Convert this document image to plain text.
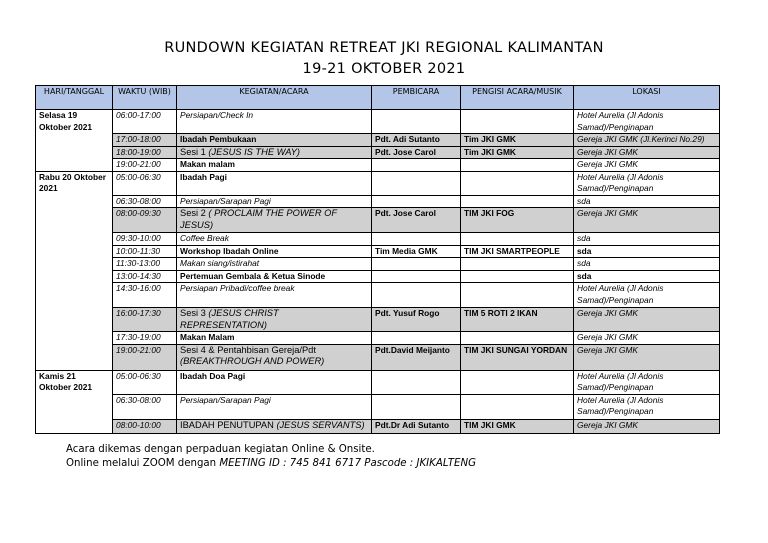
RUNDOWN KEGIATAN RETREAT JKI REGIONAL KALIMANTAN
19-21 OKTOBER 2021
HARI/TANGGAL	WAKTU (WIB)	KEGIATAN/ACARA	PEMBICARA	PENGISI ACARA/MUSIK	LOKASI
Selasa 19 Oktober 2021	06:00-17:00	Persiapan/Check In			Hotel Aurelia (Jl Adonis Samad)/Penginapan
	17:00-18:00	Ibadah Pembukaan	Pdt. Adi Sutanto	Tim JKI GMK	Gereja JKI GMK (Jl.Kerinci No.29)
	18:00-19:00	Sesi 1 (JESUS IS THE WAY)	Pdt. Jose Carol	Tim JKI GMK	Gereja JKI GMK
	19:00-21:00	Makan malam			Gereja JKI GMK
Rabu 20 Oktober 2021	05:00-06:30	Ibadah Pagi			Hotel Aurelia (Jl Adonis Samad)/Penginapan
	06:30-08:00	Persiapan/Sarapan Pagi			sda
	08:00-09:30	Sesi 2 ( PROCLAIM THE POWER OF JESUS)	Pdt. Jose Carol	TIM JKI FOG	Gereja JKI GMK
	09:30-10:00	Coffee Break			sda
	10:00-11:30	Workshop Ibadah Online	Tim Media GMK	TIM JKI SMARTPEOPLE	sda
	11:30-13:00	Makan siang/istirahat			sda
	13:00-14:30	Pertemuan Gembala & Ketua Sinode			sda
	14:30-16:00	Persiapan Pribadi/coffee break			Hotel Aurelia (Jl Adonis Samad)/Penginapan
	16:00-17:30	Sesi 3 (JESUS CHRIST REPRESENTATION)	Pdt. Yusuf Rogo	TIM 5 ROTI 2 IKAN	Gereja JKI GMK
	17:30-19:00	Makan Malam			Gereja JKI GMK
	19:00-21:00	Sesi 4 & Pentahbisan Gereja/Pdt (BREAKTHROUGH AND POWER)	Pdt.David Meijanto	TIM JKI SUNGAI YORDAN	Gereja JKI GMK
Kamis 21 Oktober 2021	05:00-06:30	Ibadah Doa Pagi			Hotel Aurelia (Jl Adonis Samad)/Penginapan
	06:30-08:00	Persiapan/Sarapan Pagi			Hotel Aurelia (Jl Adonis Samad)/Penginapan
	08:00-10:00	IBADAH PENUTUPAN (JESUS SERVANTS)	Pdt.Dr Adi Sutanto	TIM JKI GMK	Gereja JKI GMK
Acara dikemas dengan perpaduan kegiatan Online & Onsite.
Online melalui ZOOM dengan MEETING ID : 745 841 6717 Pascode : JKIKALTENG
